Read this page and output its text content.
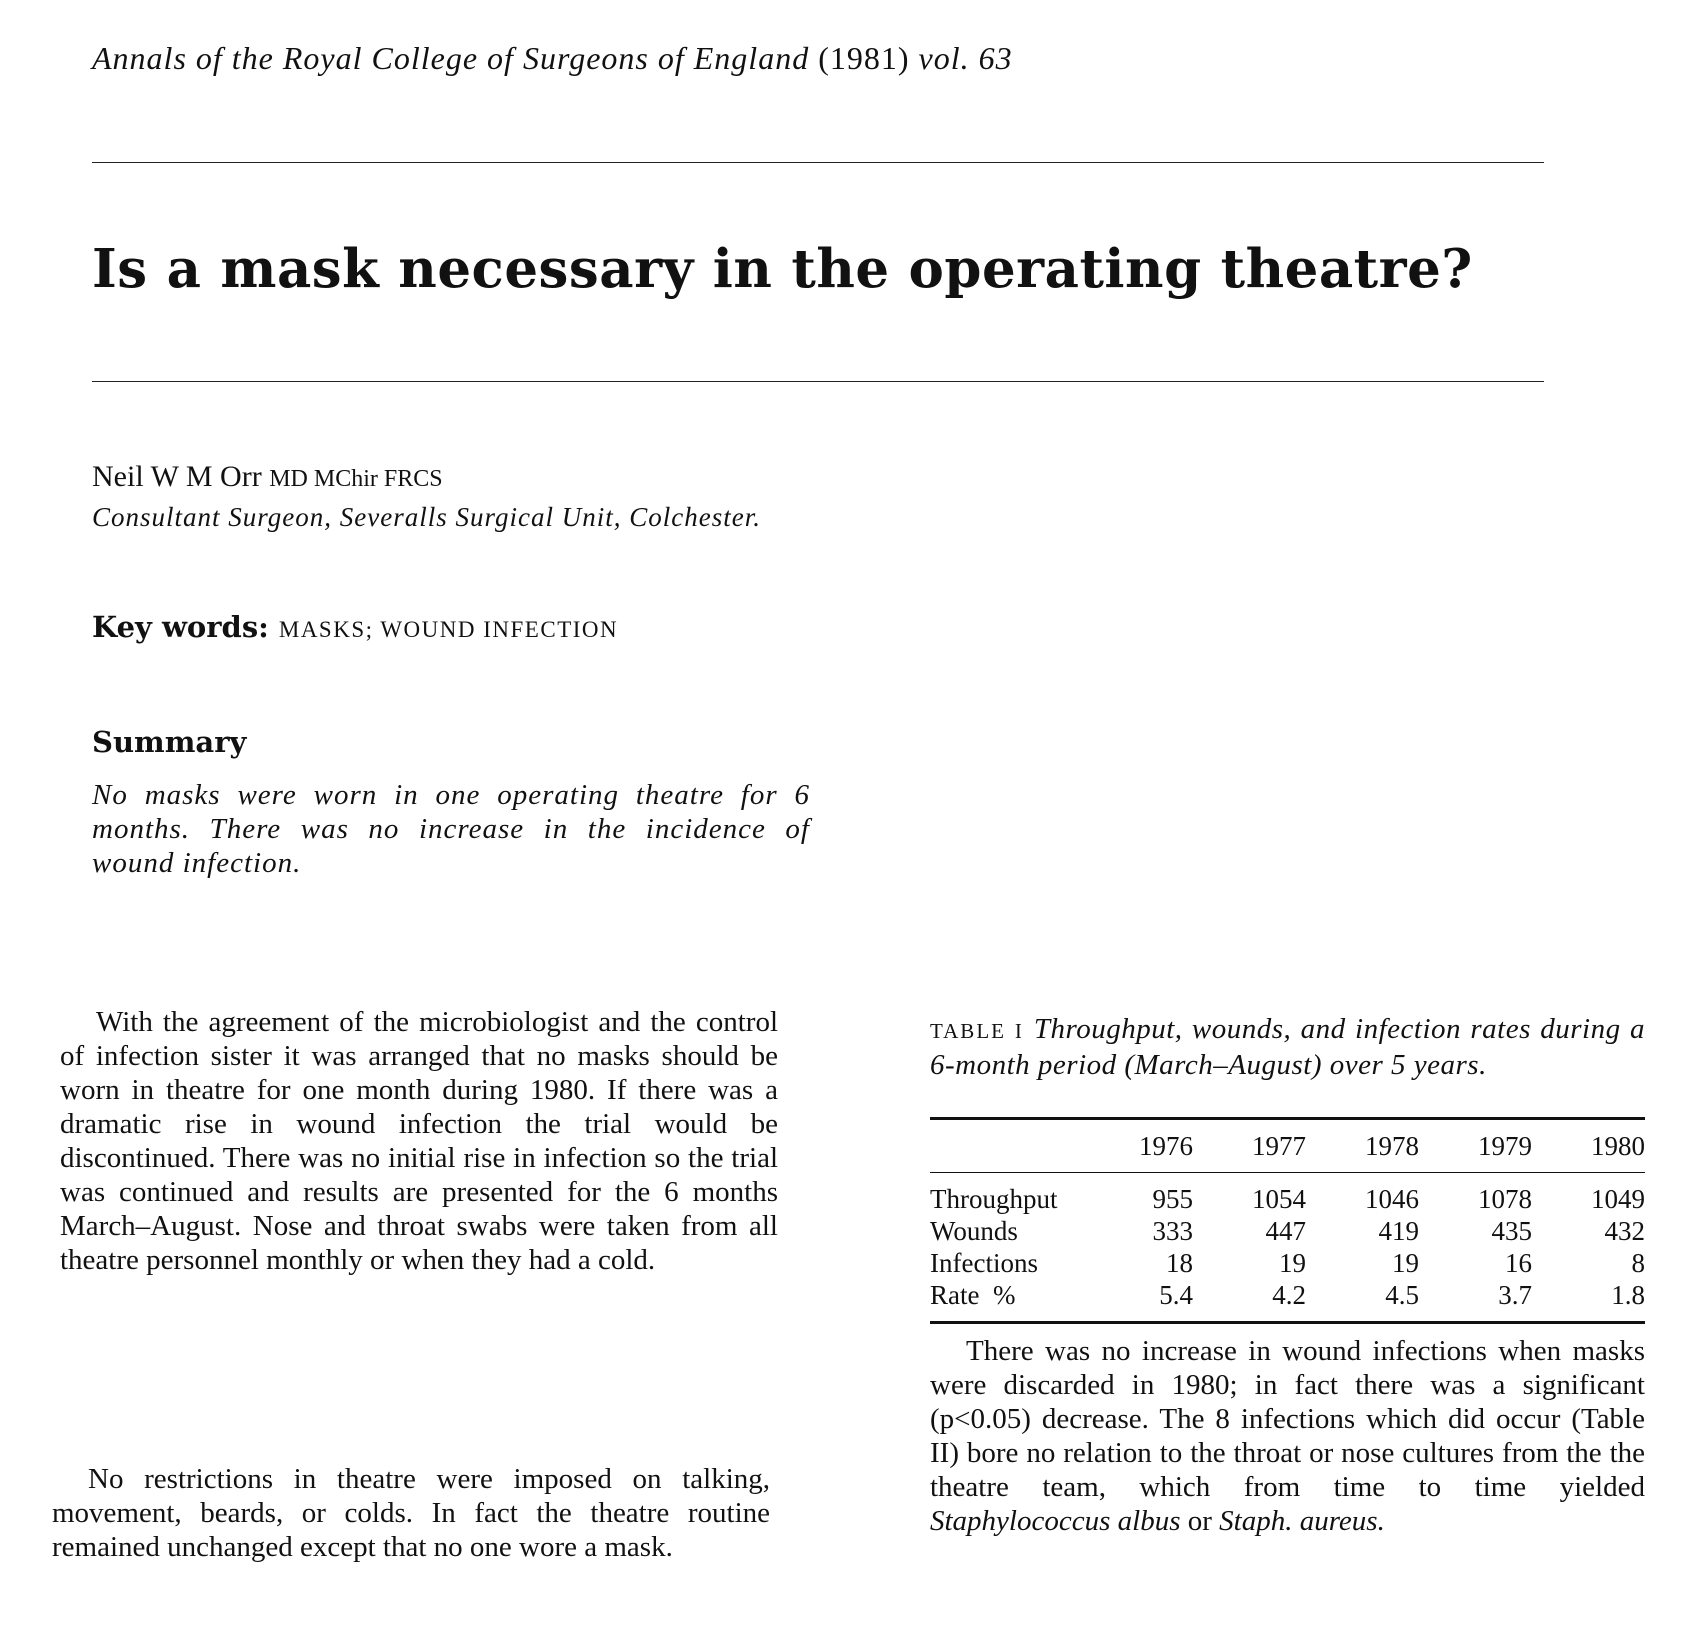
Annals of the Royal College of Surgeons of England (1981) vol. 63
Is a mask necessary in the operating theatre?
Neil W M Orr MD MChir FRCS
Consultant Surgeon, Severalls Surgical Unit, Colchester.
Key words: MASKS; WOUND INFECTION
Summary
No masks were worn in one operating theatre for 6 months. There was no increase in the incidence of wound infection.

With the agreement of the microbiologist and the control of infection sister it was arranged that no masks should be worn in theatre for one month during 1980. If there was a dramatic rise in wound infection the trial would be discontinued. There was no initial rise in infection so the trial was continued and results are presented for the 6 months March–August. Nose and throat swabs were taken from all theatre personnel monthly or when they had a cold.

No restrictions in theatre were imposed on talking, movement, beards, or colds. In fact the theatre routine remained unchanged except that no one wore a mask.

TABLE I Throughput, wounds, and infection rates during a 6-month period (March–August) over 5 years.
	1976	1977	1978	1979	1980
Throughput	955	1054	1046	1078	1049
Wounds	333	447	419	435	432
Infections	18	19	19	16	8
Rate  %	5.4	4.2	4.5	3.7	1.8

There was no increase in wound infections when masks were discarded in 1980; in fact there was a significant (p<0.05) decrease. The 8 infections which did occur (Table II) bore no relation to the throat or nose cultures from the the theatre team, which from time to time yielded Staphylococcus albus or Staph. aureus.
